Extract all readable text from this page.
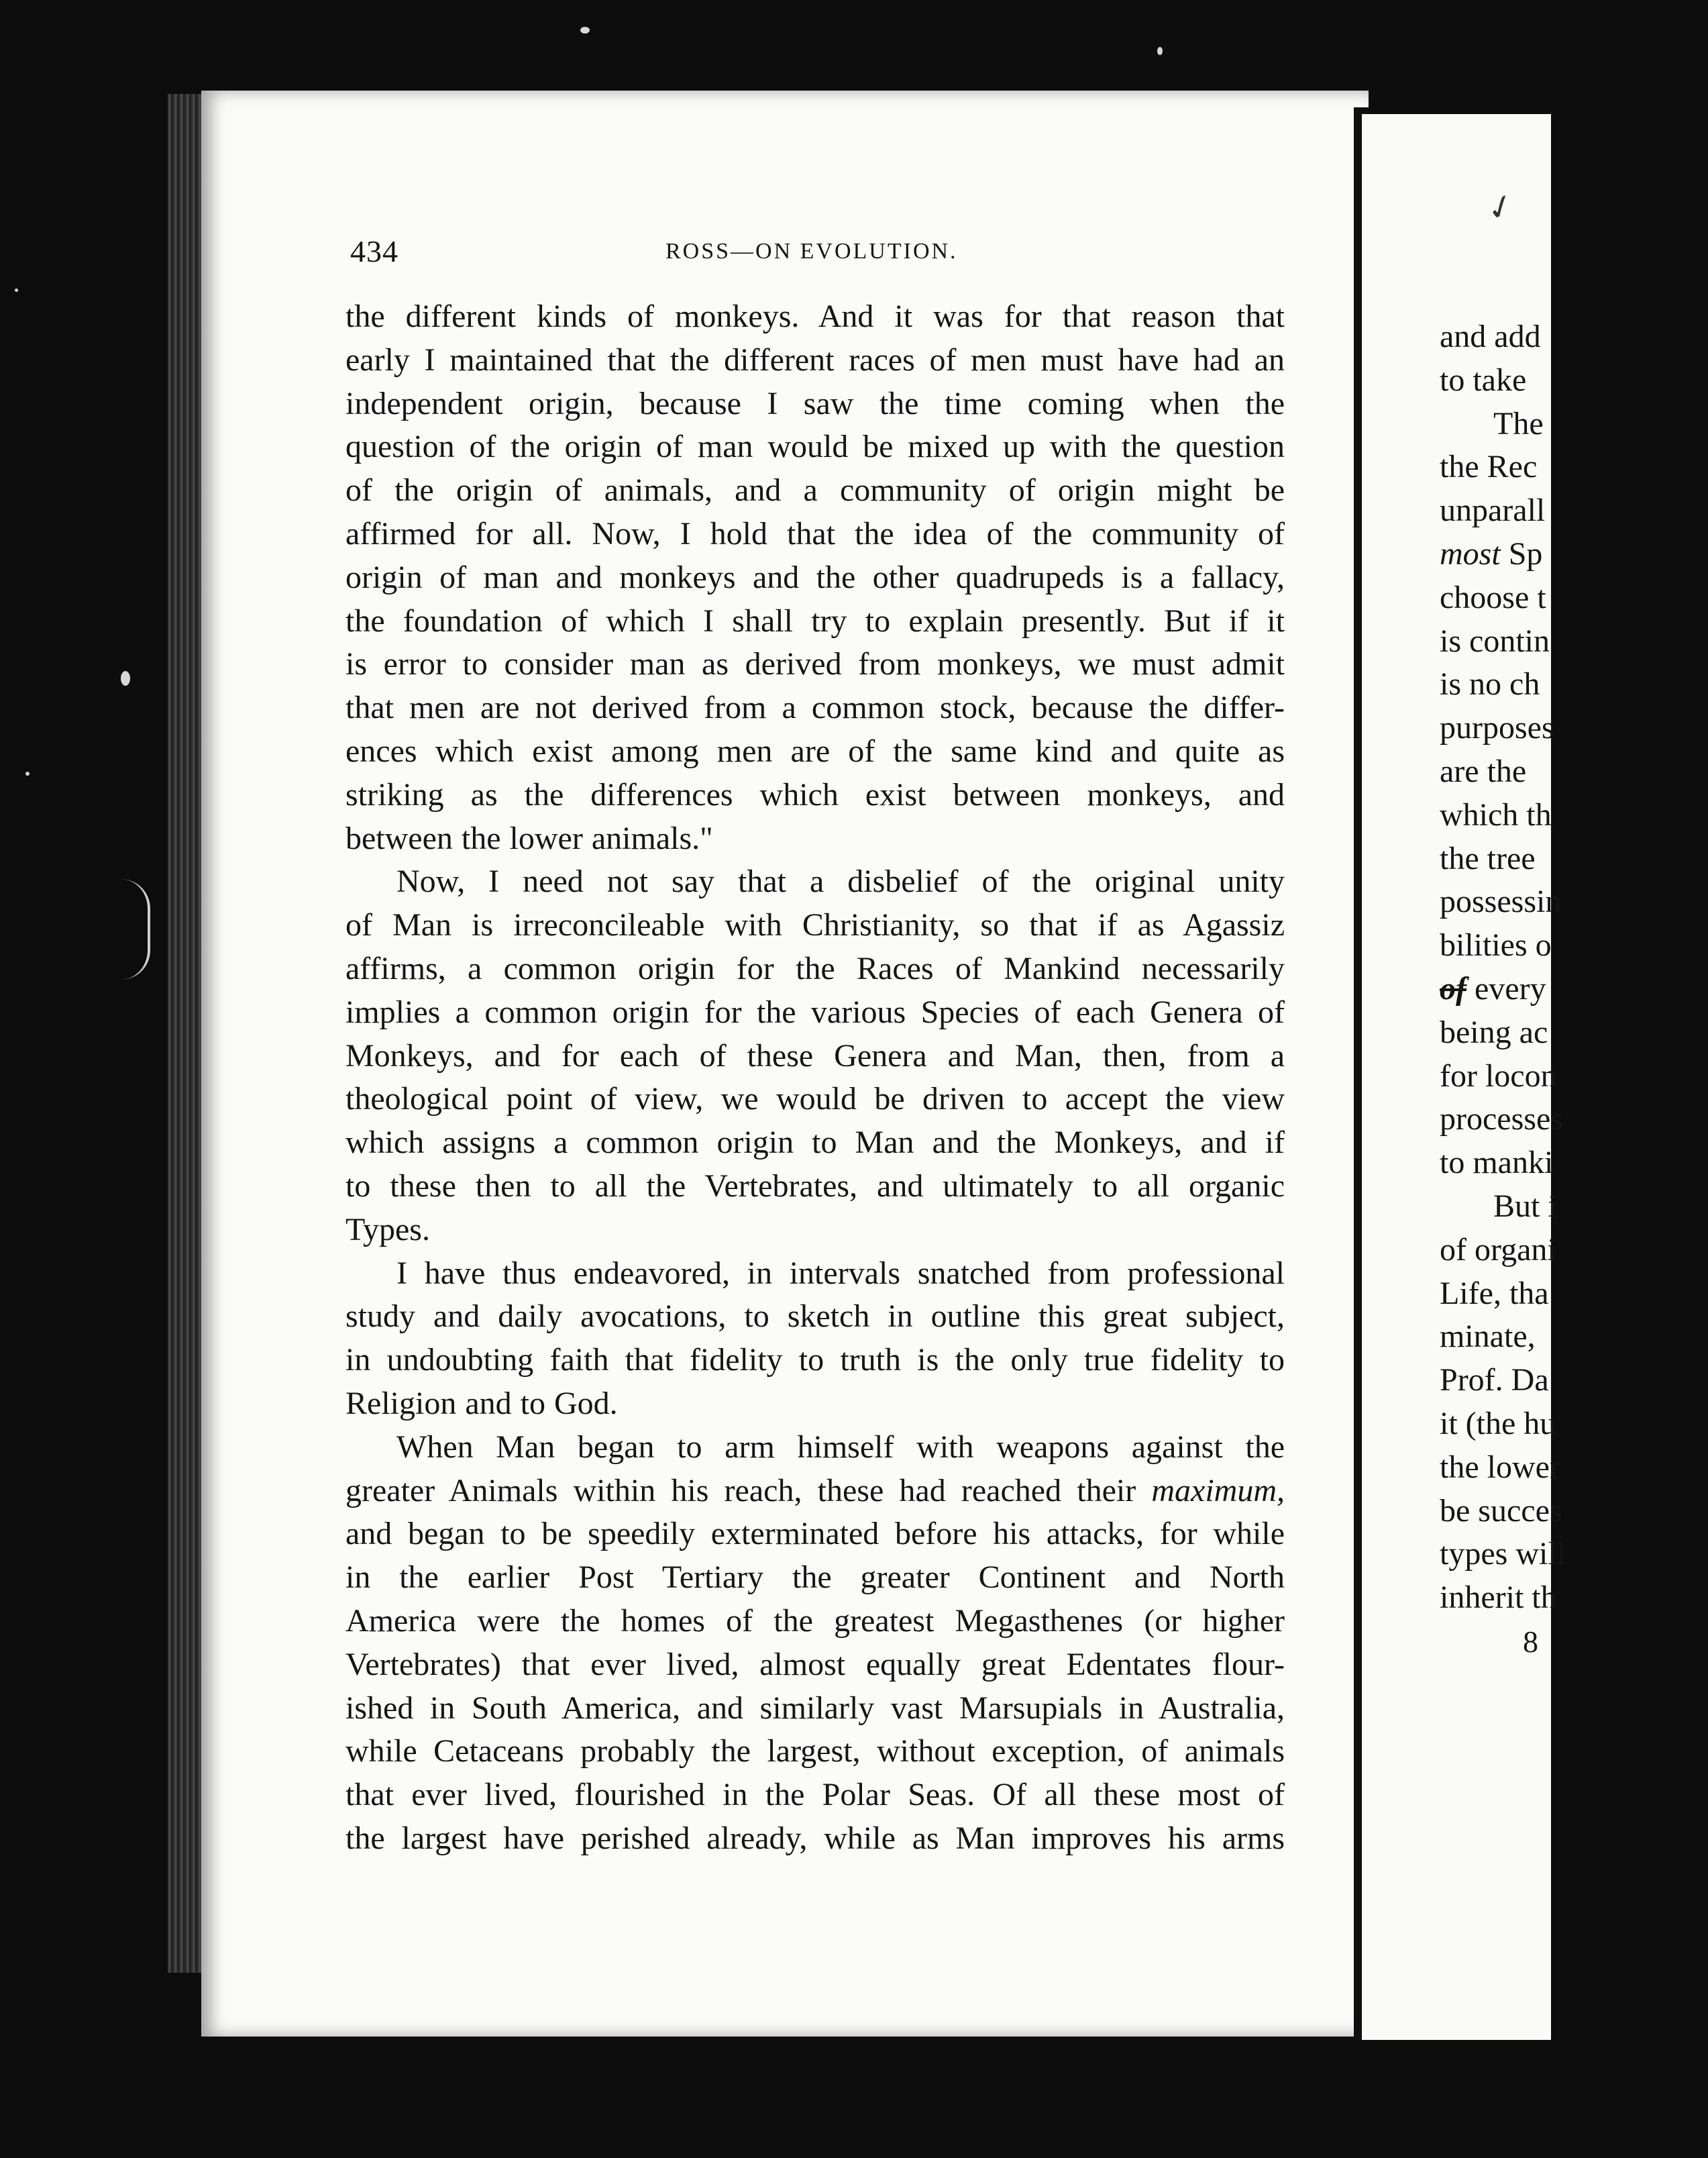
434	ROSS—ON EVOLUTION.
the different kinds of monkeys. And it was for that reason that
early I maintained that the different races of men must have had an
independent origin, because I saw the time coming when the
question of the origin of man would be mixed up with the question
of the origin of animals, and a community of origin might be
affirmed for all. Now, I hold that the idea of the community of
origin of man and monkeys and the other quadrupeds is a fallacy,
the foundation of which I shall try to explain presently. But if it
is error to consider man as derived from monkeys, we must admit
that men are not derived from a common stock, because the differ-
ences which exist among men are of the same kind and quite as
striking as the differences which exist between monkeys, and
between the lower animals."
Now, I need not say that a disbelief of the original unity
of Man is irreconcileable with Christianity, so that if as Agassiz
affirms, a common origin for the Races of Mankind necessarily
implies a common origin for the various Species of each Genera of
Monkeys, and for each of these Genera and Man, then, from a
theological point of view, we would be driven to accept the view
which assigns a common origin to Man and the Monkeys, and if
to these then to all the Vertebrates, and ultimately to all organic
Types.
I have thus endeavored, in intervals snatched from professional
study and daily avocations, to sketch in outline this great subject,
in undoubting faith that fidelity to truth is the only true fidelity to
Religion and to God.
When Man began to arm himself with weapons against the
greater Animals within his reach, these had reached their maximum,
and began to be speedily exterminated before his attacks, for while
in the earlier Post Tertiary the greater Continent and North
America were the homes of the greatest Megasthenes (or higher
Vertebrates) that ever lived, almost equally great Edentates flour-
ished in South America, and similarly vast Marsupials in Australia,
while Cetaceans probably the largest, without exception, of animals
that ever lived, flourished in the Polar Seas. Of all these most of
the largest have perished already, while as Man improves his arms
✓
and add
to take
The
the Rec
unparall
most Sp
choose t
is contin
is no ch
purposes
are the
which th
the tree
possessin
bilities o
of every
being ac
for locon
processes
to manki
But i
of organi
Life, tha
minate,
Prof. Da
it (the hu
the lower
be succes
types will
inherit th
8
